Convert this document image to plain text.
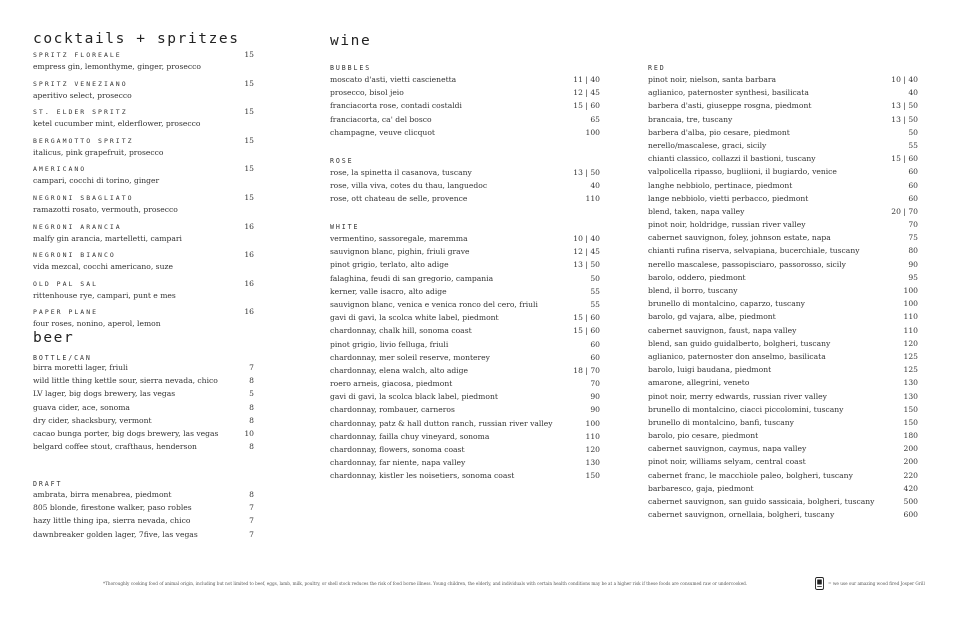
cocktails + spritzes
SPRITZ FLOREALE	15
empress gin, lemonthyme, ginger, prosecco
SPRITZ VENEZIANO	15
aperitivo select, prosecco
ST. ELDER SPRITZ	15
ketel cucumber mint, elderflower, prosecco
BERGAMOTTO SPRITZ	15
italicus, pink grapefruit, prosecco
AMERICANO	15
campari, cocchi di torino, ginger
NEGRONI SBAGLIATO	15
ramazotti rosato, vermouth, prosecco
NEGRONI ARANCIA	16
malfy gin arancia, martelletti, campari
NEGRONI BIANCO	16
vida mezcal, cocchi americano, suze
OLD PAL SAL	16
rittenhouse rye, campari, punt e mes
PAPER PLANE	16
four roses, nonino, aperol, lemon
beer
BOTTLE/CAN
birra moretti lager, friuli	7
wild little thing kettle sour, sierra nevada, chico	8
LV lager, big dogs brewery, las vegas	5
guava cider, ace, sonoma	8
dry cider, shacksbury, vermont	8
cacao bunga porter, big dogs brewery, las vegas	10
belgard coffee stout, crafthaus, henderson	8
DRAFT
ambrata, birra menabrea, piedmont	8
805 blonde, firestone walker, paso robles	7
hazy little thing ipa, sierra nevada, chico	7
dawnbreaker golden lager, 7five, las vegas	7
wine
BUBBLES
moscato d'asti, vietti cascienetta	11 | 40
prosecco, bisol jeio	12 | 45
franciacorta rose, contadi costaldi	15 | 60
franciacorta, ca' del bosco	65
champagne, veuve clicquot	100
ROSE
rose, la spinetta il casanova, tuscany	13 | 50
rose, villa viva, cotes du thau, languedoc	40
rose, ott chateau de selle, provence	110
WHITE
vermentino, sassoregale, maremma	10 | 40
sauvignon blanc, pighin, friuli grave	12 | 45
pinot grigio, terlato, alto adige	13 | 50
falaghina, feudi di san gregorio, campania	50
kerner, valle isacro, alto adige	55
sauvignon blanc, venica e venica ronco del cero, friuli	55
gavi di gavi, la scolca white label, piedmont	15 | 60
chardonnay, chalk hill, sonoma coast	15 | 60
pinot grigio, livio felluga, friuli	60
chardonnay, mer soleil reserve, monterey	60
chardonnay, elena walch, alto adige	18 | 70
roero arneis, giacosa, piedmont	70
gavi di gavi, la scolca black label, piedmont	90
chardonnay, rombauer, carneros	90
chardonnay, patz & hall dutton ranch, russian river valley	100
chardonnay, failla chuy vineyard, sonoma	110
chardonnay, flowers, sonoma coast	120
chardonnay, far niente, napa valley	130
chardonnay, kistler les noisetiers, sonoma coast	150
RED
pinot noir, nielson, santa barbara	10 | 40
aglianico, paternoster synthesi, basilicata	40
barbera d'asti, giuseppe rosgna, piedmont	13 | 50
brancaia, tre, tuscany	13 | 50
barbera d'alba, pio cesare, piedmont	50
nerello/mascalese, graci, sicily	55
chianti classico, collazzi il bastioni, tuscany	15 | 60
valpolicella ripasso, bugliioni, il bugiardo, venice	60
langhe nebbiolo, pertinace, piedmont	60
lange nebbiolo, vietti perbacco, piedmont	60
blend, taken, napa valley	20 | 70
pinot noir, holdridge, russian river valley	70
cabernet sauvignon, foley, johnson estate, napa	75
chianti rufina riserva, selvapiana, bucerchiale, tuscany	80
nerello mascalese, passopisciaro, passorosso, sicily	90
barolo, oddero, piedmont	95
blend, il borro, tuscany	100
brunello di montalcino, caparzo, tuscany	100
barolo, gd vajara, albe, piedmont	110
cabernet sauvignon, faust, napa valley	110
blend, san guido guidalberto, bolgheri, tuscany	120
aglianico, paternoster don anselmo, basilicata	125
barolo, luigi baudana, piedmont	125
amarone, allegrini, veneto	130
pinot noir, merry edwards, russian river valley	130
brunello di montalcino, ciacci piccolomini, tuscany	150
brunello di montalcino, banfi, tuscany	150
barolo, pio cesare, piedmont	180
cabernet sauvignon, caymus, napa valley	200
pinot noir, williams selyam, central coast	200
cabernet franc, le macchiole paleo, bolgheri, tuscany	220
barbaresco, gaja, piedmont	420
cabernet sauvignon, san guido sassicaia, bolgheri, tuscany	500
cabernet sauvignon, ornellaia, bolgheri, tuscany	600
*Thoroughly cooking food of animal origin, including but not limited to beef, eggs, lamb, milk, poultry, or shell stock reduces the risk of food borne illness. Young children, the elderly, and individuals with certain health conditions may be at a higher risk if these foods are consumed raw or undercooked.	= we use our amazing wood fired Josper Grill
